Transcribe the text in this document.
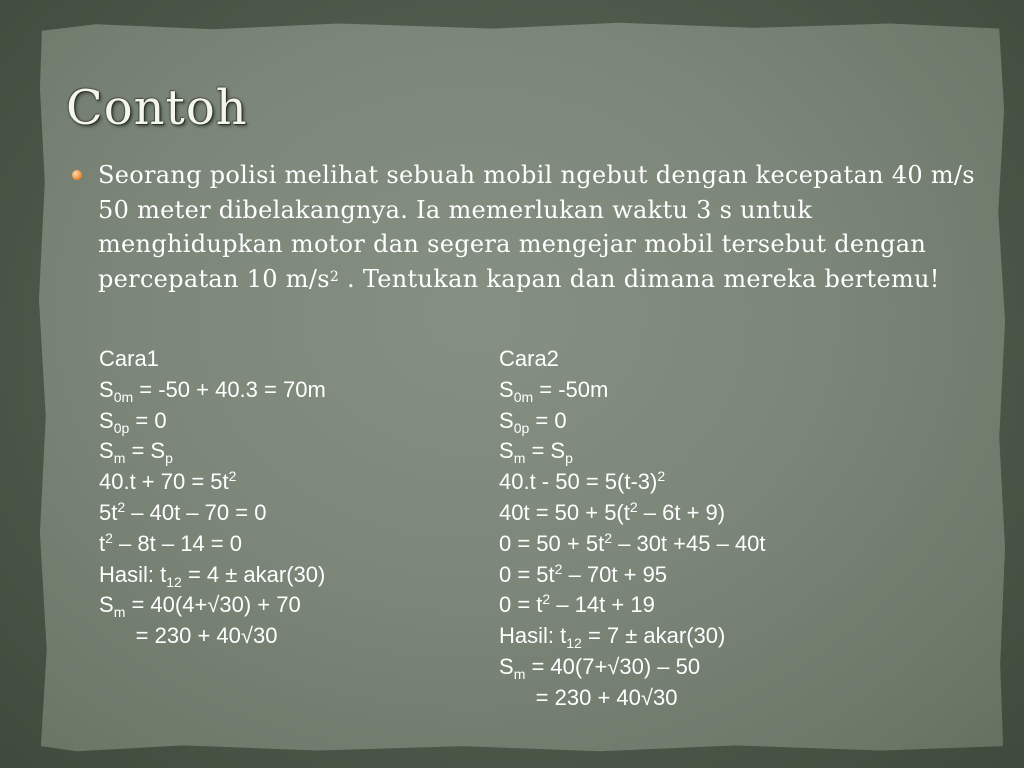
Contoh

Seorang polisi melihat sebuah mobil ngebut dengan kecepatan 40 m/s 50 meter dibelakangnya. Ia memerlukan waktu 3 s untuk menghidupkan motor dan segera mengejar mobil tersebut dengan percepatan 10 $m/s^2$ . Tentukan kapan dan dimana mereka bertemu!

Cara1
$S_{0m} = -50 + 40.3 = 70m$
$S_{0p} = 0$
$S_m = S_p$
$40.t + 70 = 5t^2$
$5t^2 - 40t - 70 = 0$
$t^2 - 8t - 14 = 0$
Hasil: $t_{12} = 4$ ± akar(30)
$S_m = 40(4+√30) + 70$
= 230 + 40√30
Cara2
$S_{0m} = -50m$
$S_{0p} = 0$
$S_m = S_p$
$40.t - 50 = 5(t-3)^2$
$40t = 50 + 5(t^2 - 6t + 9)$
$0 = 50 + 5t^2 - 30t +45 - 40t$
$0 = 5t^2 - 70t + 95$
$0 = t^2 - 14t + 19$
Hasil: $t_{12} = 7$ ± akar(30)
$S_m = 40(7+√30) - 50$
= 230 + 40√30
